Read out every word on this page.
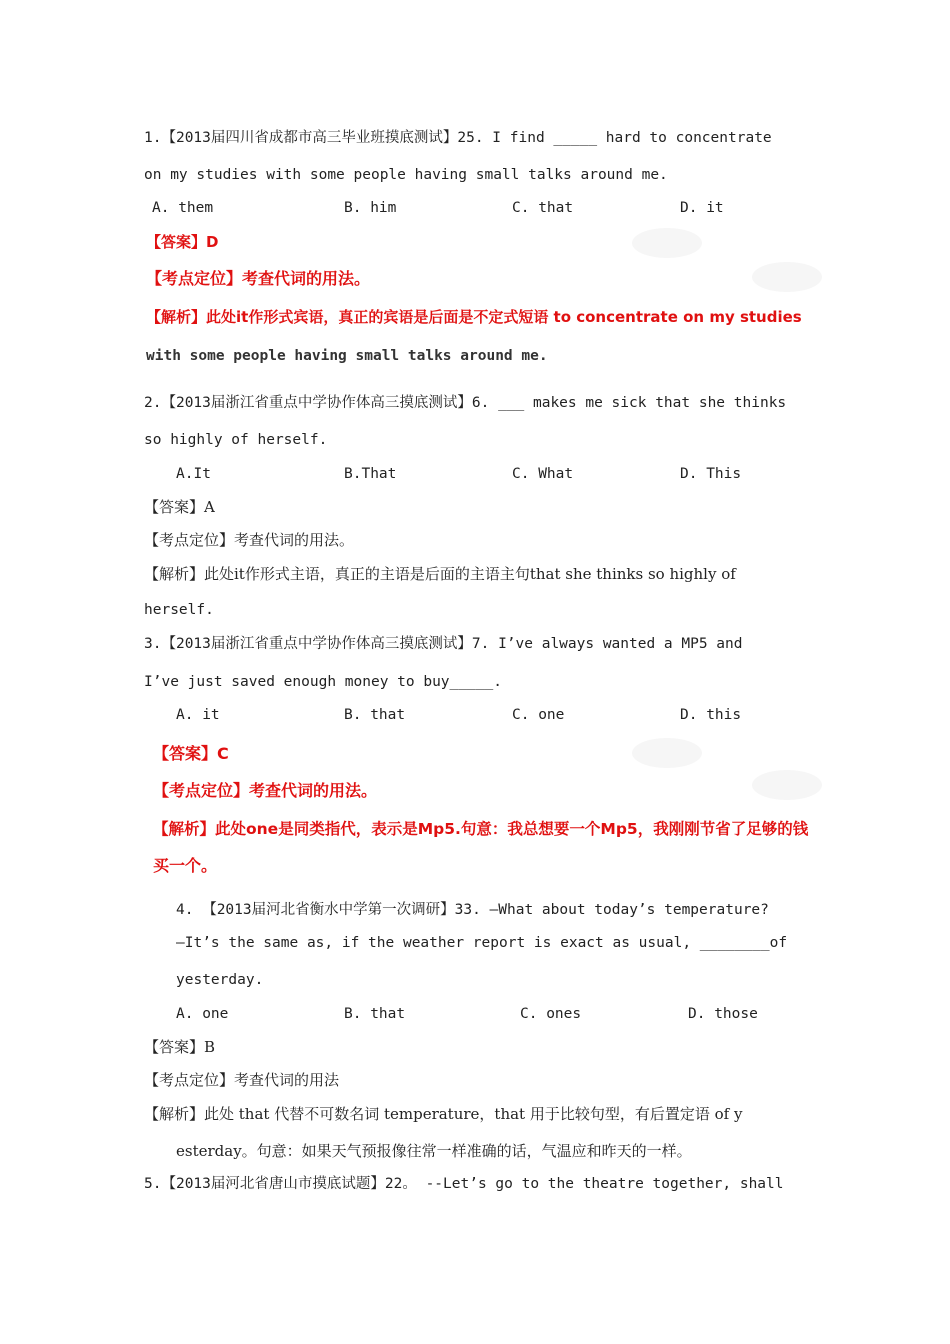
1.【2013届四川省成都市高三毕业班摸底测试】25. I find _____ hard to concentrate
on my studies with some people having small talks around me.
A. them	B. him	C. that	D. it
【答案】D
【考点定位】考查代词的用法。
【解析】此处it作形式宾语，真正的宾语是后面是不定式短语 to concentrate on my studies
with some people having small talks around me.
2.【2013届浙江省重点中学协作体高三摸底测试】6. ___ makes me sick that she thinks
so highly of herself.
A.It	B.That	C. What	D. This
【答案】A
【考点定位】考查代词的用法。
【解析】此处it作形式主语，真正的主语是后面的主语主句that she thinks so highly of
herself.
3.【2013届浙江省重点中学协作体高三摸底测试】7. I’ve always wanted a MP5 and
I’ve just saved enough money to buy_____.
A. it	B. that	C. one	D. this
【答案】C
【考点定位】考查代词的用法。
【解析】此处one是同类指代，表示是Mp5.句意：我总想要一个Mp5，我刚刚节省了足够的钱
买一个。
4. 【2013届河北省衡水中学第一次调研】33. —What about today’s temperature?
—It’s the same as, if the weather report is exact as usual, ________of
yesterday.
A. one	B. that	C. ones	D. those
【答案】B
【考点定位】考查代词的用法
【解析】此处 that 代替不可数名词 temperature，that 用于比较句型，有后置定语 of y
esterday。句意：如果天气预报像往常一样准确的话，气温应和昨天的一样。
5.【2013届河北省唐山市摸底试题】22。 --Let’s go to the theatre together, shall
